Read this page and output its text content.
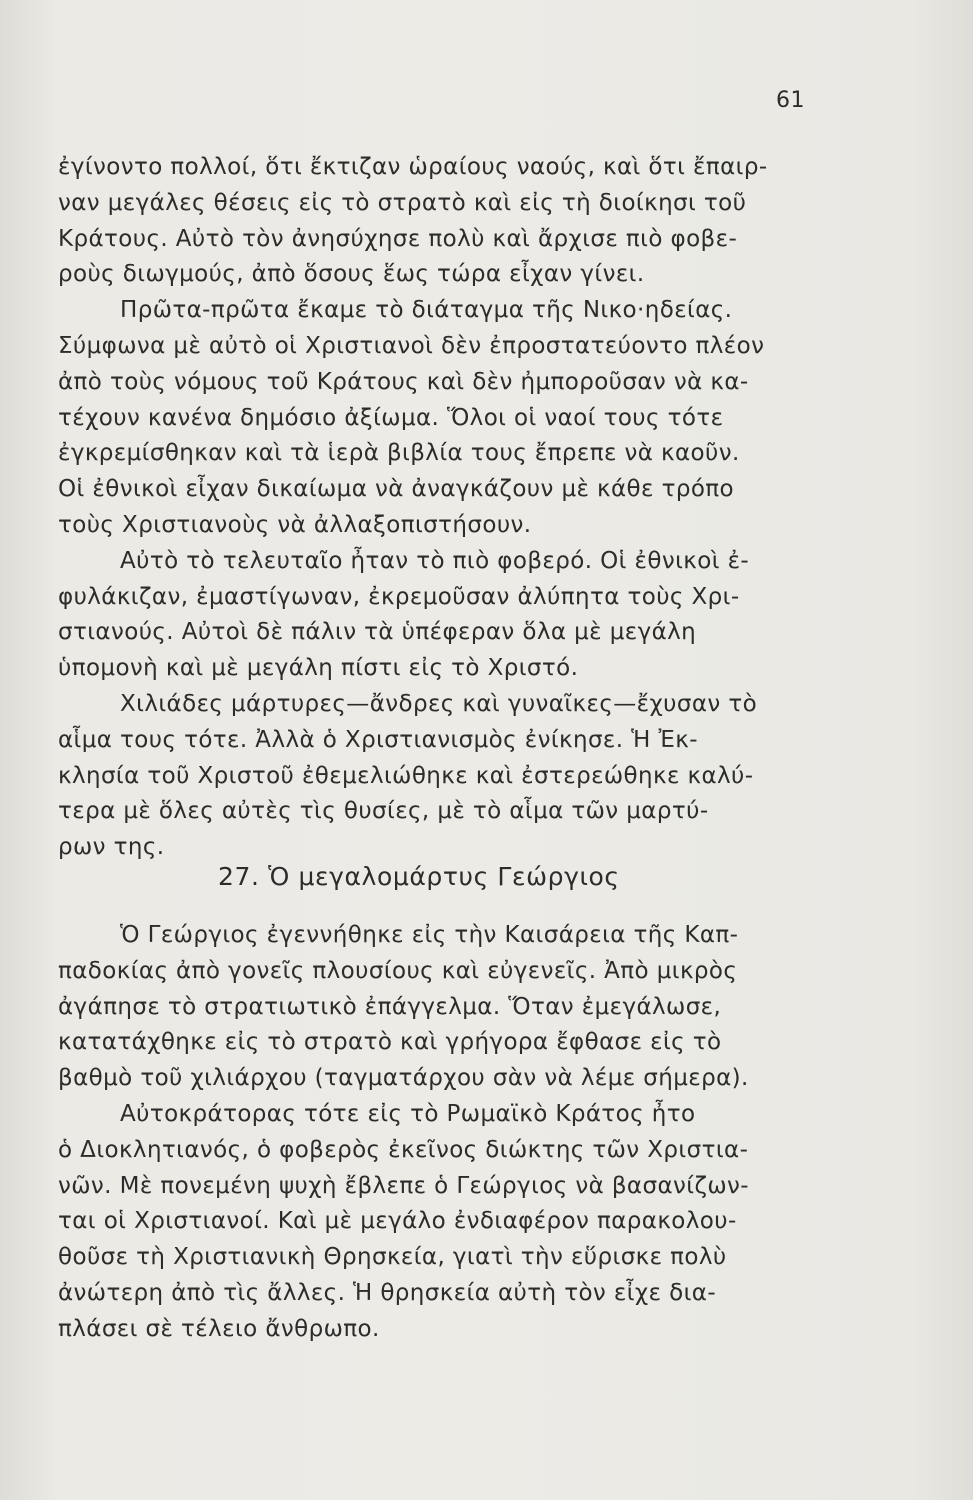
61
ἐγίνοντο πολλοί, ὅτι ἔκτιζαν ὡραίους ναούς, καὶ ὅτι ἔπαιρ-
ναν μεγάλες θέσεις εἰς τὸ στρατὸ καὶ εἰς τὴ διοίκησι τοῦ
Κράτους. Αὐτὸ τὸν ἀνησύχησε πολὺ καὶ ἄρχισε πιὸ φοβε-
ροὺς διωγμούς, ἀπὸ ὅσους ἕως τώρα εἶχαν γίνει.
Πρῶτα-πρῶτα ἔκαμε τὸ διάταγμα τῆς Νικο·ηδείας.
Σύμφωνα μὲ αὐτὸ οἱ Χριστιανοὶ δὲν ἐπροστατεύοντο πλέον
ἀπὸ τοὺς νόμους τοῦ Κράτους καὶ δὲν ἠμποροῦσαν νὰ κα-
τέχουν κανένα δημόσιο ἀξίωμα. Ὅλοι οἱ ναοί τους τότε
ἐγκρεμίσθηκαν καὶ τὰ ἱερὰ βιβλία τους ἔπρεπε νὰ καοῦν.
Οἱ ἐθνικοὶ εἶχαν δικαίωμα νὰ ἀναγκάζουν μὲ κάθε τρόπο
τοὺς Χριστιανοὺς νὰ ἀλλαξοπιστήσουν.
Αὐτὸ τὸ τελευταῖο ἦταν τὸ πιὸ φοβερό. Οἱ ἐθνικοὶ ἐ-
φυλάκιζαν, ἐμαστίγωναν, ἐκρεμοῦσαν ἀλύπητα τοὺς Χρι-
στιανούς. Αὐτοὶ δὲ πάλιν τὰ ὑπέφεραν ὅλα μὲ μεγάλη
ὑπομονὴ καὶ μὲ μεγάλη πίστι εἰς τὸ Χριστό.
Χιλιάδες μάρτυρες—ἄνδρες καὶ γυναῖκες—ἔχυσαν τὸ
αἷμα τους τότε. Ἀλλὰ ὁ Χριστιανισμὸς ἐνίκησε. Ἡ Ἐκ-
κλησία τοῦ Χριστοῦ ἐθεμελιώθηκε καὶ ἐστερεώθηκε καλύ-
τερα μὲ ὅλες αὐτὲς τὶς θυσίες, μὲ τὸ αἷμα τῶν μαρτύ-
ρων της.
27. Ὁ μεγαλομάρτυς Γεώργιος
Ὁ Γεώργιος ἐγεννήθηκε εἰς τὴν Καισάρεια τῆς Καπ-
παδοκίας ἀπὸ γονεῖς πλουσίους καὶ εὐγενεῖς. Ἀπὸ μικρὸς
ἀγάπησε τὸ στρατιωτικὸ ἐπάγγελμα. Ὅταν ἐμεγάλωσε,
κατατάχθηκε εἰς τὸ στρατὸ καὶ γρήγορα ἔφθασε εἰς τὸ
βαθμὸ τοῦ χιλιάρχου (ταγματάρχου σὰν νὰ λέμε σήμερα).
Αὐτοκράτορας τότε εἰς τὸ Ρωμαϊκὸ Κράτος ἦτο
ὁ Διοκλητιανός, ὁ φοβερὸς ἐκεῖνος διώκτης τῶν Χριστια-
νῶν. Μὲ πονεμένη ψυχὴ ἔβλεπε ὁ Γεώργιος νὰ βασανίζων-
ται οἱ Χριστιανοί. Καὶ μὲ μεγάλο ἐνδιαφέρον παρακολου-
θοῦσε τὴ Χριστιανικὴ Θρησκεία, γιατὶ τὴν εὕρισκε πολὺ
ἀνώτερη ἀπὸ τὶς ἄλλες. Ἡ θρησκεία αὐτὴ τὸν εἶχε δια-
πλάσει σὲ τέλειο ἄνθρωπο.
